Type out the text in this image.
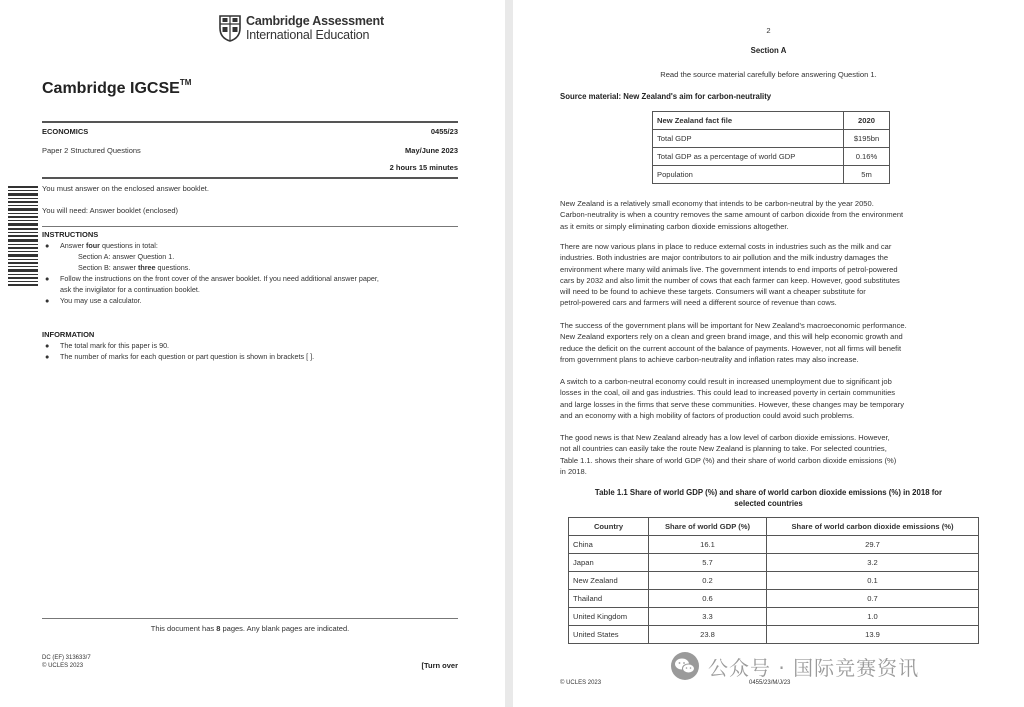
Cambridge Assessment
International Education
Cambridge IGCSE™
ECONOMICS	0455/23
Paper 2 Structured Questions	May/June 2023
2 hours 15 minutes
You must answer on the enclosed answer booklet.
You will need: Answer booklet (enclosed)
INSTRUCTIONS
● Answer four questions in total:
Section A: answer Question 1.
Section B: answer three questions.
● Follow the instructions on the front cover of the answer booklet. If you need additional answer paper,
ask the invigilator for a continuation booklet.
● You may use a calculator.
INFORMATION
● The total mark for this paper is 90.
● The number of marks for each question or part question is shown in brackets [ ].
This document has 8 pages. Any blank pages are indicated.
DC (EF) 313633/7
© UCLES 2023	[Turn over
2
Section A
Read the source material carefully before answering Question 1.
Source material: New Zealand's aim for carbon-neutrality
New Zealand fact file	2020
Total GDP	$195bn
Total GDP as a percentage of world GDP	0.16%
Population	5m
New Zealand is a relatively small economy that intends to be carbon-neutral by the year 2050.
Carbon-neutrality is when a country removes the same amount of carbon dioxide from the environment
as it emits or simply eliminating carbon dioxide emissions altogether.
There are now various plans in place to reduce external costs in industries such as the milk and car
industries. Both industries are major contributors to air pollution and the milk industry damages the
environment where many wild animals live. The government intends to end imports of petrol-powered
cars by 2032 and also limit the number of cows that each farmer can keep. However, good substitutes
will need to be found to achieve these targets. Consumers will want a cheaper substitute for
petrol-powered cars and farmers will need a different source of revenue than cows.
The success of the government plans will be important for New Zealand's macroeconomic performance.
New Zealand exporters rely on a clean and green brand image, and this will help economic growth and
reduce the deficit on the current account of the balance of payments. However, not all firms will benefit
from government plans to achieve carbon-neutrality and inflation rates may also increase.
A switch to a carbon-neutral economy could result in increased unemployment due to significant job
losses in the coal, oil and gas industries. This could lead to increased poverty in certain communities
and large losses in the firms that serve these communities. However, these changes may be temporary
and an economy with a high mobility of factors of production could avoid such problems.
The good news is that New Zealand already has a low level of carbon dioxide emissions. However,
not all countries can easily take the route New Zealand is planning to take. For selected countries,
Table 1.1. shows their share of world GDP (%) and their share of world carbon dioxide emissions (%)
in 2018.
Table 1.1 Share of world GDP (%) and share of world carbon dioxide emissions (%) in 2018 for
selected countries
Country	Share of world GDP (%)	Share of world carbon dioxide emissions (%)
China	16.1	29.7
Japan	5.7	3.2
New Zealand	0.2	0.1
Thailand	0.6	0.7
United Kingdom	3.3	1.0
United States	23.8	13.9
© UCLES 2023	0455/23/M/J/23
公众号 · 国际竞赛资讯
